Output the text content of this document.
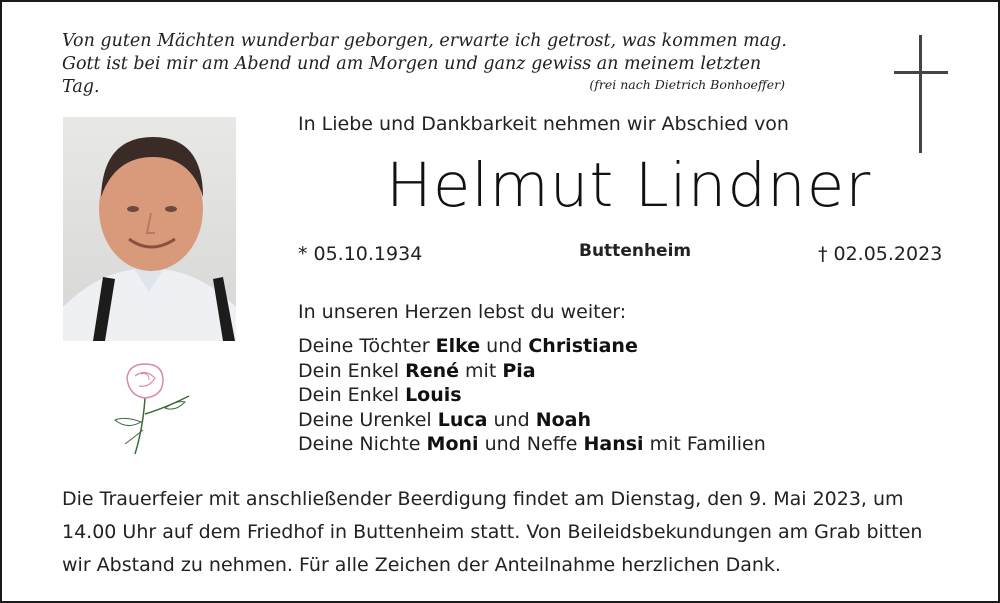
Von guten Mächten wunderbar geborgen, erwarte ich getrost, was kommen mag.
Gott ist bei mir am Abend und am Morgen und ganz gewiss an meinem letzten Tag.	(frei nach Dietrich Bonhoeffer)
In Liebe und Dankbarkeit nehmen wir Abschied von
Helmut Lindner
* 05.10.1934	Buttenheim	† 02.05.2023
In unseren Herzen lebst du weiter:
Deine Töchter Elke und Christiane
Dein Enkel René mit Pia
Dein Enkel Louis
Deine Urenkel Luca und Noah
Deine Nichte Moni und Neffe Hansi mit Familien
Die Trauerfeier mit anschließender Beerdigung findet am Dienstag, den 9. Mai 2023, um
14.00 Uhr auf dem Friedhof in Buttenheim statt. Von Beileidsbekundungen am Grab bitten
wir Abstand zu nehmen. Für alle Zeichen der Anteilnahme herzlichen Dank.
